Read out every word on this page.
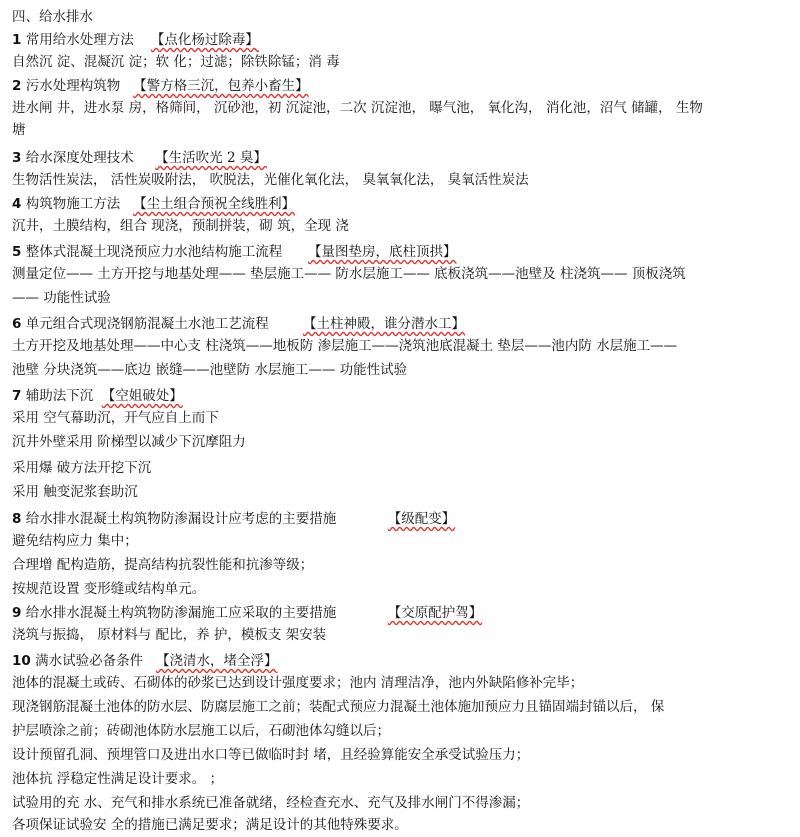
四、给水排水
1 常用给水处理方法 【点化杨过除毒】
自然沉 淀、混凝沉 淀；软 化；过滤；除铁除锰；消 毒
2 污水处理构筑物 【警方格三沉，包养小畜生】
进水闸 井，进水泵 房，格筛间， 沉砂池，初 沉淀池，二次 沉淀池， 曝气池， 氧化沟， 消化池，沼气 储罐， 生物
塘
3 给水深度处理技术 【生活吹光 2 臭】
生物活性炭法， 活性炭吸附法， 吹脱法，光催化氧化法， 臭氧氧化法， 臭氧活性炭法
4 构筑物施工方法 【尘土组合预祝全线胜利】
沉井，土膜结构，组合 现浇，预制拼装，砌 筑，全现 浇
5 整体式混凝土现浇预应力水池结构施工流程 【量图垫房，底柱顶拱】
测量定位—— 土方开挖与地基处理—— 垫层施工—— 防水层施工—— 底板浇筑——池壁及 柱浇筑—— 顶板浇筑
—— 功能性试验
6 单元组合式现浇钢筋混凝土水池工艺流程	【土柱神殿，谁分潜水工】
土方开挖及地基处理——中心支 柱浇筑——地板防 渗层施工——浇筑池底混凝土 垫层——池内防 水层施工——
池壁 分块浇筑——底边 嵌缝——池壁防 水层施工—— 功能性试验
7 辅助法下沉 【空姐破处】
采用 空气幕助沉，开气应自上而下
沉井外壁采用 阶梯型以减少下沉摩阻力
采用爆 破方法开挖下沉
采用 触变泥浆套助沉
8 给水排水混凝土构筑物防渗漏设计应考虑的主要措施	【级配变】
避免结构应力 集中；
合理增 配构造筋，提高结构抗裂性能和抗渗等级；
按规范设置 变形缝或结构单元。
9 给水排水混凝土构筑物防渗漏施工应采取的主要措施	【交原配护驾】
浇筑与振捣， 原材料与 配比，养 护，模板支 架安装
10 满水试验必备条件 【浇清水，堵全浮】
池体的混凝土或砖、石砌体的砂浆已达到设计强度要求；池内 清理洁净，池内外缺陷修补完毕；
现浇钢筋混凝土池体的防水层、防腐层施工之前；装配式预应力混凝土池体施加预应力且锚固端封锚以后， 保
护层喷涂之前；砖砌池体防水层施工以后，石砌池体勾缝以后；
设计预留孔洞、预埋管口及进出水口等已做临时封 堵，且经验算能安全承受试验压力；
池体抗 浮稳定性满足设计要求。 ；
试验用的充 水、充气和排水系统已准备就绪，经检查充水、充气及排水闸门不得渗漏；
各项保证试验安 全的措施已满足要求；满足设计的其他特殊要求。
